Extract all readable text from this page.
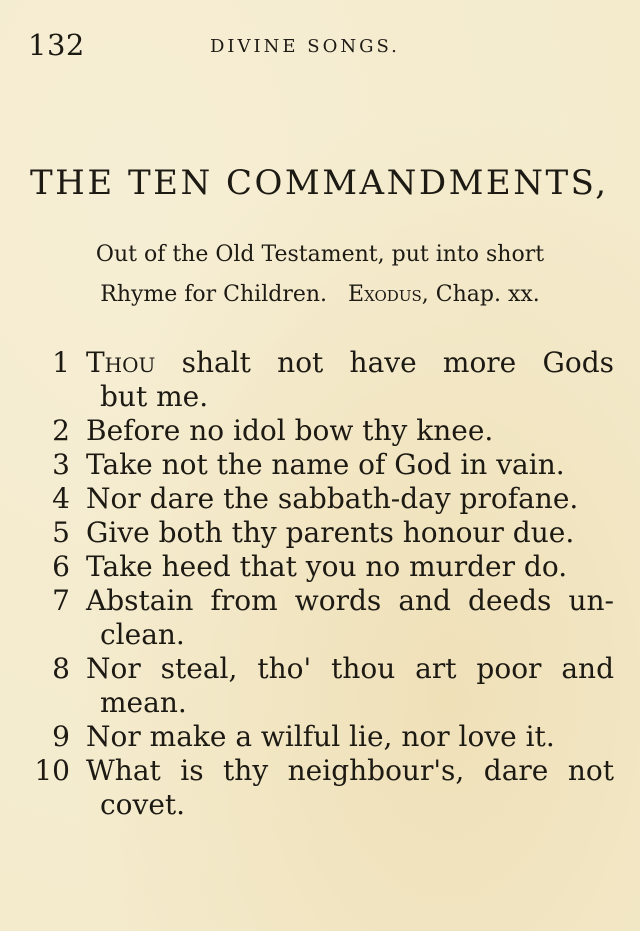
132	DIVINE SONGS.
THE TEN COMMANDMENTS,
Out of the Old Testament, put into short
Rhyme for Children. Exodus, Chap. xx.
1 Thou shalt not have more Gods
but me.
2 Before no idol bow thy knee.
3 Take not the name of God in vain.
4 Nor dare the sabbath-day profane.
5 Give both thy parents honour due.
6 Take heed that you no murder do.
7 Abstain from words and deeds un-
clean.
8 Nor steal, tho' thou art poor and
mean.
9 Nor make a wilful lie, nor love it.
10 What is thy neighbour's, dare not
covet.
